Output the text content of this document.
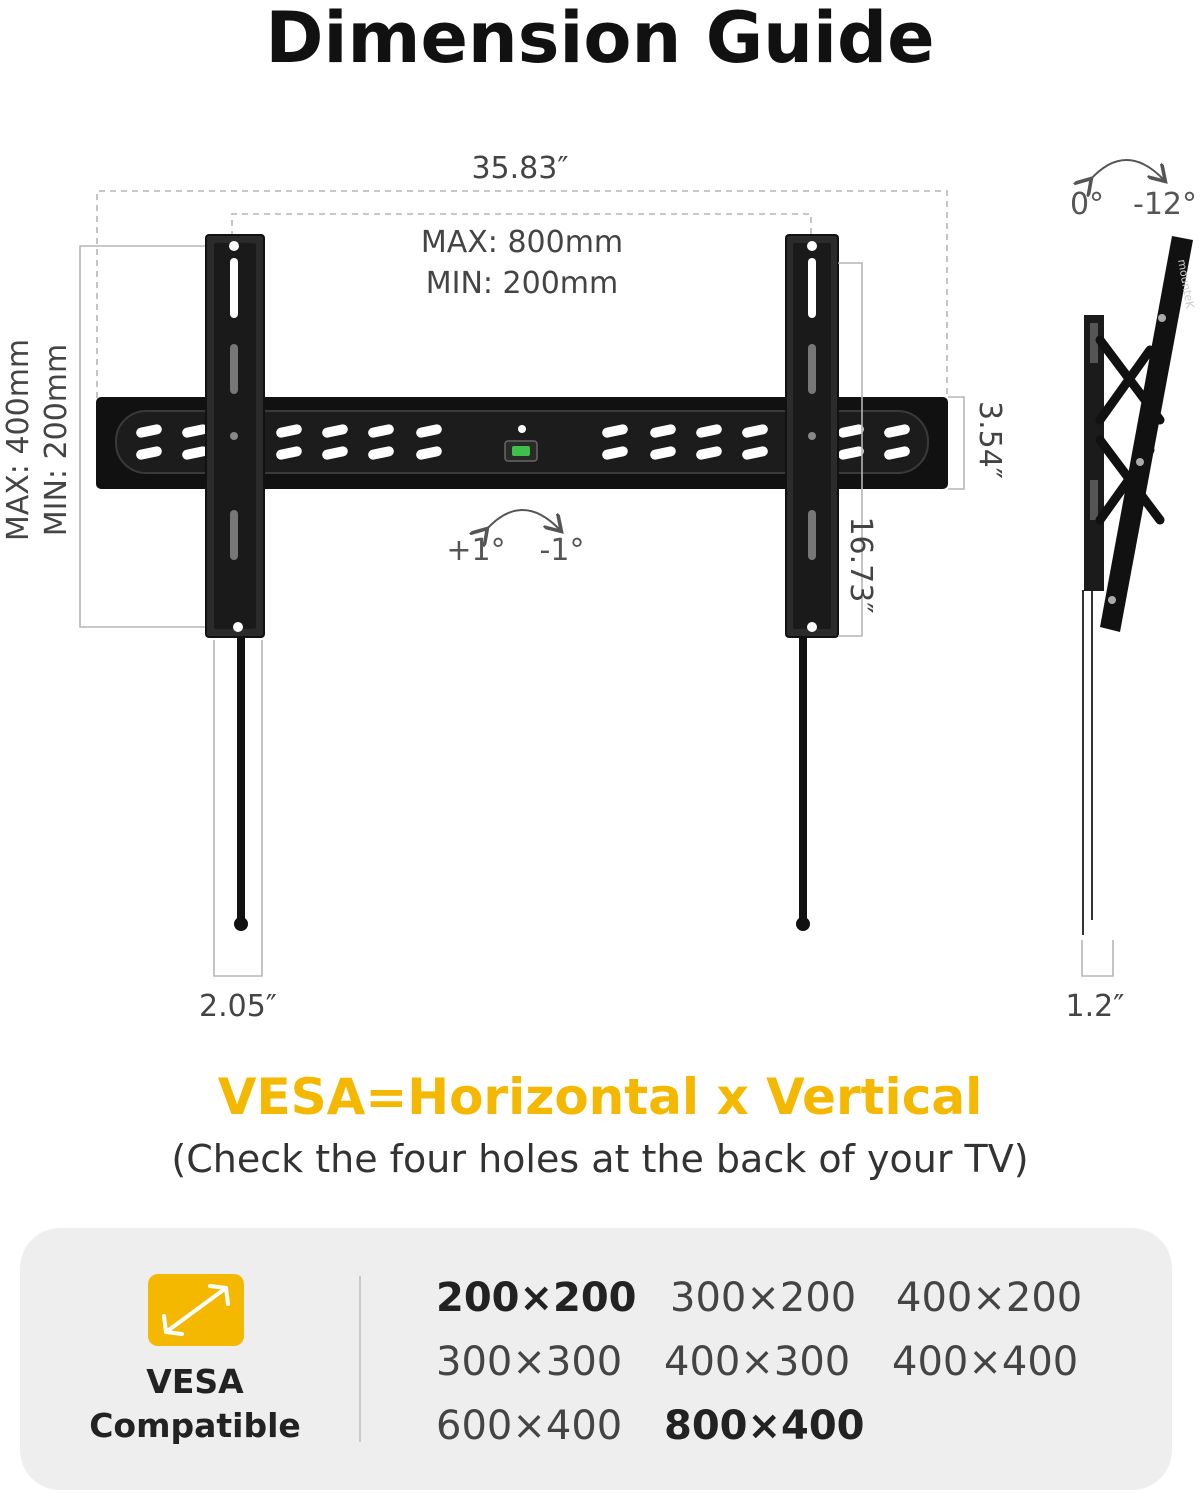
Dimension Guide
35.83″
MAX: 800mm
MIN: 200mm
MAX: 400mm MIN: 200mm	3.54″
16.73″
2.05″
+1° -1°
0° -12°
mounteK
1.2″
VESA=Horizontal x Vertical
(Check the four holes at the back of your TV)
VESA
Compatible
200×200 300×200 400×200
300×300 400×300 400×400
600×400 800×400
